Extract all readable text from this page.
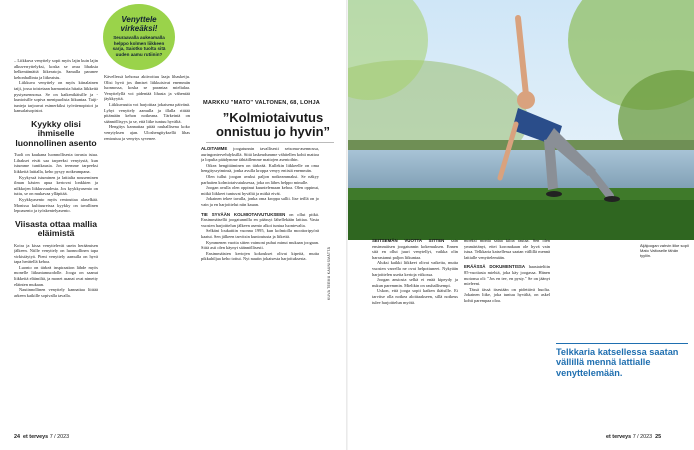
– Liikkuva venyttely sopii myös lajin kuin lajin alkuverryttelyksi, koska se avaa lihaksia helkentämättä liikeratoja. Samalla paranee kehonhallinta ja liikeaistu.

Liikkuva venyttely on myös kiinalainen taiji, jossa toistetaan harmonisia hitaita liikkeitä pystyasennossa. Se on kaikenikäisille ja -kuntoisille sopiva mentpuolista liikuntaa. Taiji-tunteja tarjoavat esimerkiksi työväenopistot ja kansalaisopistot.

Kyykky olisi ihmiselle luonnollinen asento

Tuoli on kaukana luonnollisesta tavasta istua. Lihakset eivät saa tarpeeksi venytystä, kun istumme tuntikausia. Jos teemme tarpeeksi liikkeitä lattialla, keho pysyy notkeampana.

Kyykyssä istuminen ja lattialta nouseminen ilman käsien apua kertovat lonkkien ja nilkkojen liikkuvuudesta. Jos kyykkyasento on tuttu, se on mukavaa ylläpitää.

Kyykkyasento myös rentouttaa alaselkää. Monissa kulttuureissa kyykky on tavallinen lepoasento ja työskentelyasento.

Viisasta ottaa mallia eläimistä

Koira ja kissa venyttelevät usein heräämisen jälkeen. Niille venyttely on luonnollinen tapa virkistäytyä. Pieni venyttely aamulla on hyvä tapa herätellä kehoa.

Luonto on tärkeä inspiraation lähde myös monelle liikuntamuodolle. Jooga on saanut liikkeitä eläimiltä, ja monet asanat ovat nimetty eläinten mukaan.

Nautinnollinen venyttely kannattaa liittää arkeen kaikille sopivalla tavalla.

Venyttele virkeäksi!
Seuraavalla aukeamalla helppo kolmen liikkeen sarja, Saiotko tuolta sitä uuden aamu rutiinin?

Kävellessä kehossa aktivoituu laaja lihasketju. Olisi hyvä jos ihmiset liikkuisivat enemmän luonnossa, koska se parantaa mielialaa. Venyttelyllä voi pidentää lihasta ja vähentää jäykkyyttä.

Liikkuvuutta voi harjoittaa jokaisena päivänä. Lyhyt venyttely aamulla ja illalla riittää pitämään kehon notkeana. Tärkeintä on säännöllisyys ja se, että liike tuntuu hyvältä.

Hengitys kannattaa pitää rauhallisena koko venytyksen ajan. Uloshengityksellä lihas rentoutuu ja venytys syvenee.

MARKKU "MATO" VALTONEN, 68, LOHJA
”Kolmiotaivutus onnistuu jo hyvin”

ALOITAMME joogatunnin tavallisesti seisoma-asennossa, auringontervehdyksillä. Siitä laskeudumme vähitellen kohti mattoa ja lopulta päädymme tähtäillemme mattojen asentoihin.

Oikea hengittäminen on tärkeää. Kullekin liikkeelle on oma hengitysrytminsä, jonka avulla kroppa venyy entistä enemmän.

Olen tullut joogan avuksi paljon notkeammaksi. Se näkyy parhaiten kolmiotaivutuksessa, joka on lähes helppo minulle.

Joogan avulla olen oppinut kuuntelemaan kehoa. Olen oppinut, mitkä liikkeet tuntuvat hyvältä ja mitkä eivät.

Jokainen tekee tavalla, jonka oma kroppa sallii. Itse teillä on jo vain ja en harjoittelut niin kauan.

TIE SYVÄÄN KOLMIOTAIVUTUKSEEN on ollut pitkä. Ensimmäisellä joogatunnilla en päässyt lähellekään lattiaa. Vasta vuosien harjoittelun jälkeen asento alkoi tuntua luontevalta.

Selkäni loukattiin vuonna 1995, kun kolmiolla moottoripyörä kaatui. Sen jälkeen tarvitsin kuntoutusta ja liikettä.

Kymmenen vuotta sitten vaimoni puhui minut mukaan joogaan. Siitä asti olen käynyt säännöllisesti.

Ensimmäisten kertojen kokoukset olivat kipeitä, mutta pikkuhiljaa keho tottui. Nyt nautin jokaisesta harjoituksesta.	KUVA TEEMU KAUNISMÄTTÄ
24 et terveys 7 / 2023
Äijäjoogan vahvin liike sopii Mato Valtoselle tähän tyyliin.

SEITSEMÄN VUOTTA SITTEN sain ensimmäisen joogatunnin kokemuksen. Ennen sitä en ollut juuri venytellyt, vaikka olin harrastanut paljon liikuntaa.

Aluksi kaikki liikkeet olivat vaikeita, mutta vuosien varrella ne ovat helpottuneet. Nykyään harjoittelen useita kertoja viikossa.

Joogan ansiosta selkä ei enää kipeydy ja nukun paremmin. Mielikin on rauhallisempi.

Uskon, että jooga sopii kaiken ikäisille. Ei tarvitse olla notkea aloittaakseen, sillä notkeus tulee harjoittelun myötä.

moeksi monta sataa kiloa rautaa. Sen olen ymmärtänyt, ettei koronakaan ole hyvä vain istua. Telkkaria katsellessa saatan vällillä mennä lattialle venyttelemään.

ERÄÄSSÄ DOKUMENTISSA haastateltiin 85-vuotiasta miehiä, joka käy joogassa. Hänen motonsa oli: "Jos en tee, en pysty." Se on jäänyt mieleeni.

Tässä iässä itsestään on pidettävä huolta. Jokainen liike, joka tuntuu hyvältä, on askel kohti parempaa oloa.

Telkkaria katsellessa saatan vällillä mennä lattialle venyttelemään.
et terveys 7 / 2023 25
